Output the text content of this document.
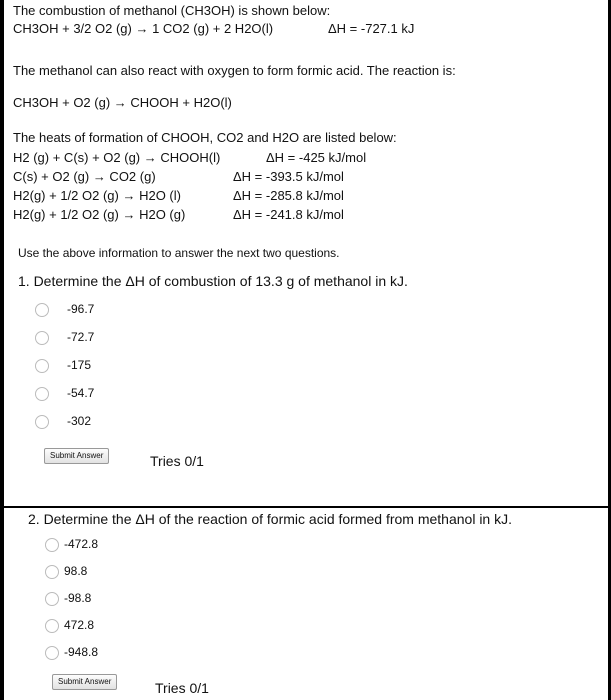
The combustion of methanol (CH3OH) is shown below:
CH3OH + 3/2 O2 (g) → 1 CO2 (g) + 2 H2O(l)	ΔH = -727.1 kJ
The methanol can also react with oxygen to form formic acid. The reaction is:
CH3OH + O2 (g) → CHOOH + H2O(l)
The heats of formation of CHOOH, CO2 and H2O are listed below:
H2 (g) + C(s) + O2 (g) → CHOOH(l)	ΔH = -425 kJ/mol
C(s) + O2 (g) → CO2 (g)	ΔH = -393.5 kJ/mol
H2(g) + 1/2 O2 (g) → H2O (l)	ΔH = -285.8 kJ/mol
H2(g) + 1/2 O2 (g) → H2O (g)	ΔH = -241.8 kJ/mol
Use the above information to answer the next two questions.
1. Determine the ΔH of combustion of 13.3 g of methanol in kJ.
-96.7
-72.7
-175
-54.7
-302
Submit Answer	Tries 0/1
2. Determine the ΔH of the reaction of formic acid formed from methanol in kJ.
-472.8
98.8
-98.8
472.8
-948.8
Submit Answer	Tries 0/1
